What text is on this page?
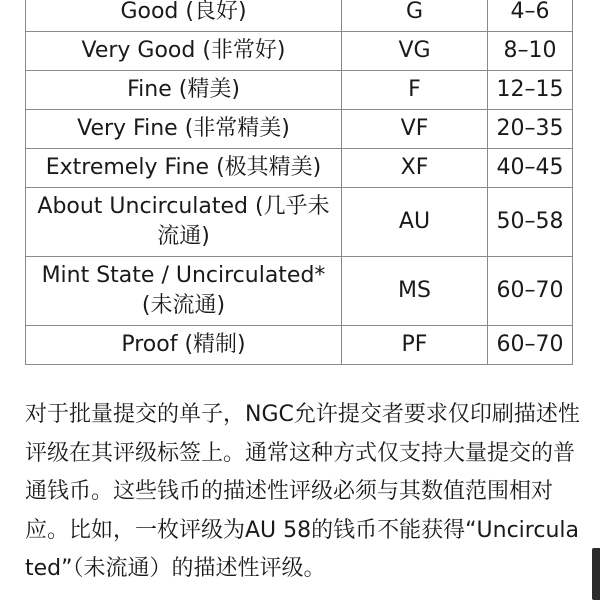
Good (良好)	G	4–6
Very Good (非常好)	VG	8–10
Fine (精美)	F	12–15
Very Fine (非常精美)	VF	20–35
Extremely Fine (极其精美)	XF	40–45
About Uncirculated (几乎未流通)	AU	50–58
Mint State / Uncirculated* (未流通)	MS	60–70
Proof (精制)	PF	60–70
对于批量提交的单子，NGC允许提交者要求仅印刷描述性评级在其评级标签上。通常这种方式仅支持大量提交的普通钱币。这些钱币的描述性评级必须与其数值范围相对应。比如，一枚评级为AU 58的钱币不能获得“Uncirculated”（未流通）的描述性评级。
